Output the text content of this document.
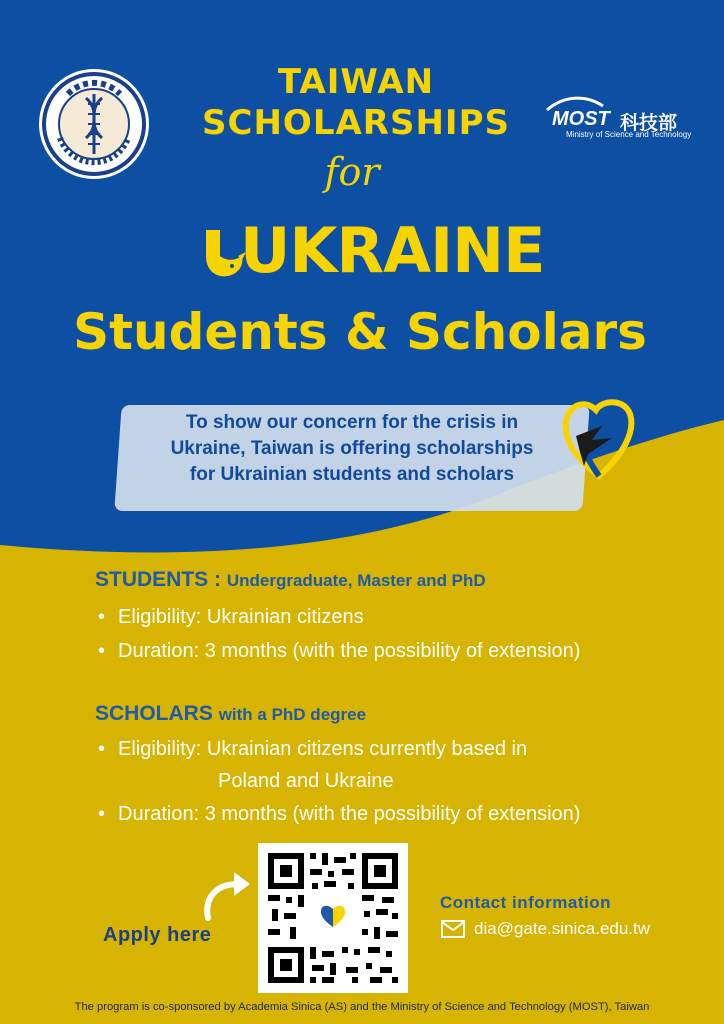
MOST 科技部
Ministry of Science and Technology
TAIWAN
SCHOLARSHIPS
for
UKRAINE
Students & Scholars
To show our concern for the crisis in
Ukraine, Taiwan is offering scholarships
for Ukrainian students and scholars
STUDENTS : Undergraduate, Master and PhD
• Eligibility: Ukrainian citizens
• Duration: 3 months (with the possibility of extension)
SCHOLARS with a PhD degree
• Eligibility: Ukrainian citizens currently based in
Poland and Ukraine
• Duration: 3 months (with the possibility of extension)
Apply here
Contact information
dia@gate.sinica.edu.tw
The program is co-sponsored by Academia Sinica (AS) and the Ministry of Science and Technology (MOST), Taiwan
